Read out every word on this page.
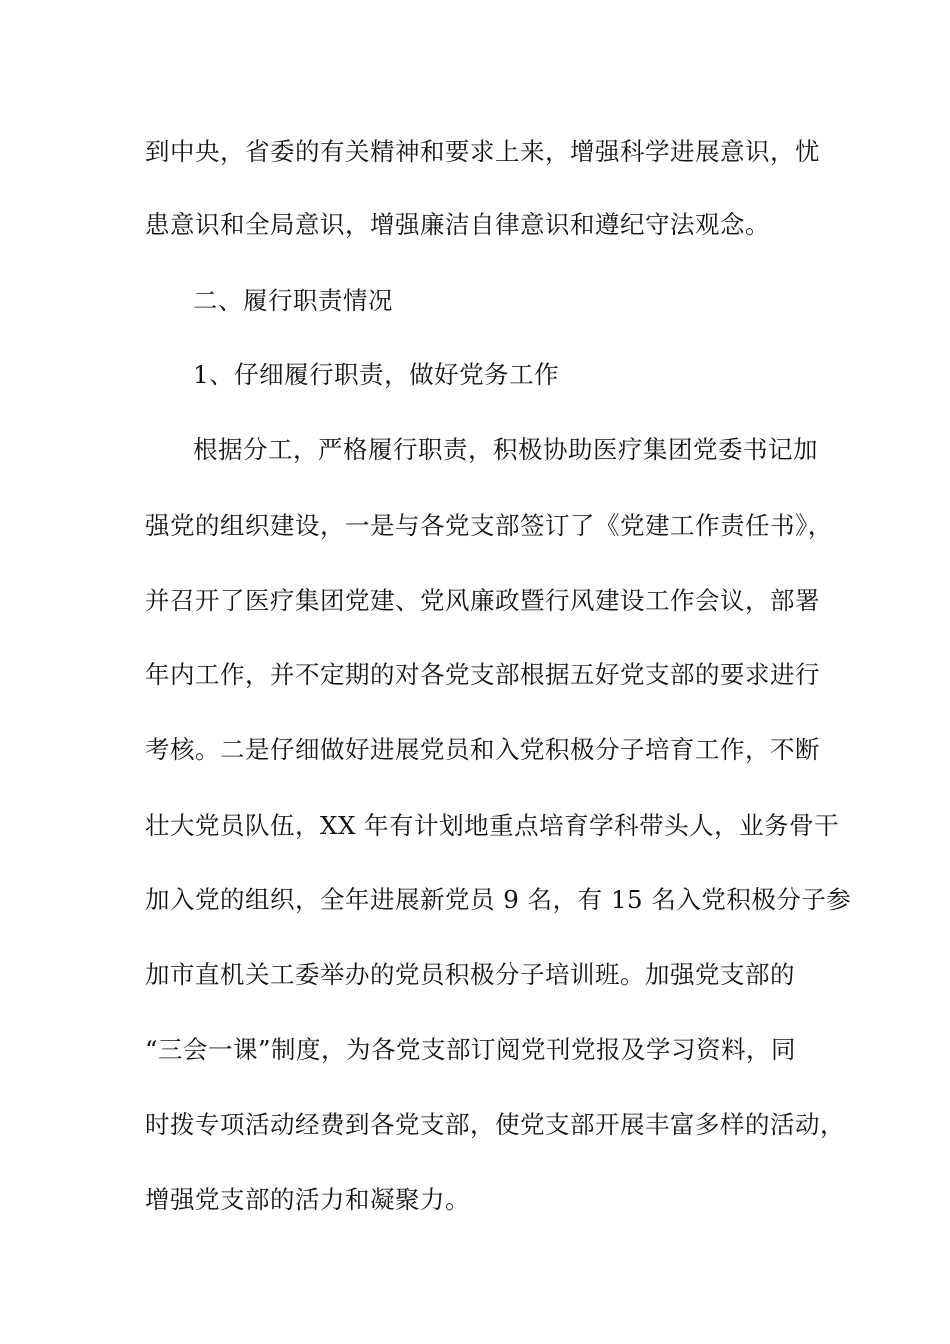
到中央，省委的有关精神和要求上来，增强科学进展意识，忧
患意识和全局意识，增强廉洁自律意识和遵纪守法观念。
二、履行职责情况
1、仔细履行职责，做好党务工作
根据分工，严格履行职责，积极协助医疗集团党委书记加
强党的组织建设，一是与各党支部签订了《党建工作责任书》，
并召开了医疗集团党建、党风廉政暨行风建设工作会议，部署
年内工作，并不定期的对各党支部根据五好党支部的要求进行
考核。二是仔细做好进展党员和入党积极分子培育工作，不断
壮大党员队伍，XX 年有计划地重点培育学科带头人，业务骨干
加入党的组织，全年进展新党员 9 名，有 15 名入党积极分子参
加市直机关工委举办的党员积极分子培训班。加强党支部的
“三会一课”制度，为各党支部订阅党刊党报及学习资料，同
时拨专项活动经费到各党支部，使党支部开展丰富多样的活动，
增强党支部的活力和凝聚力。
